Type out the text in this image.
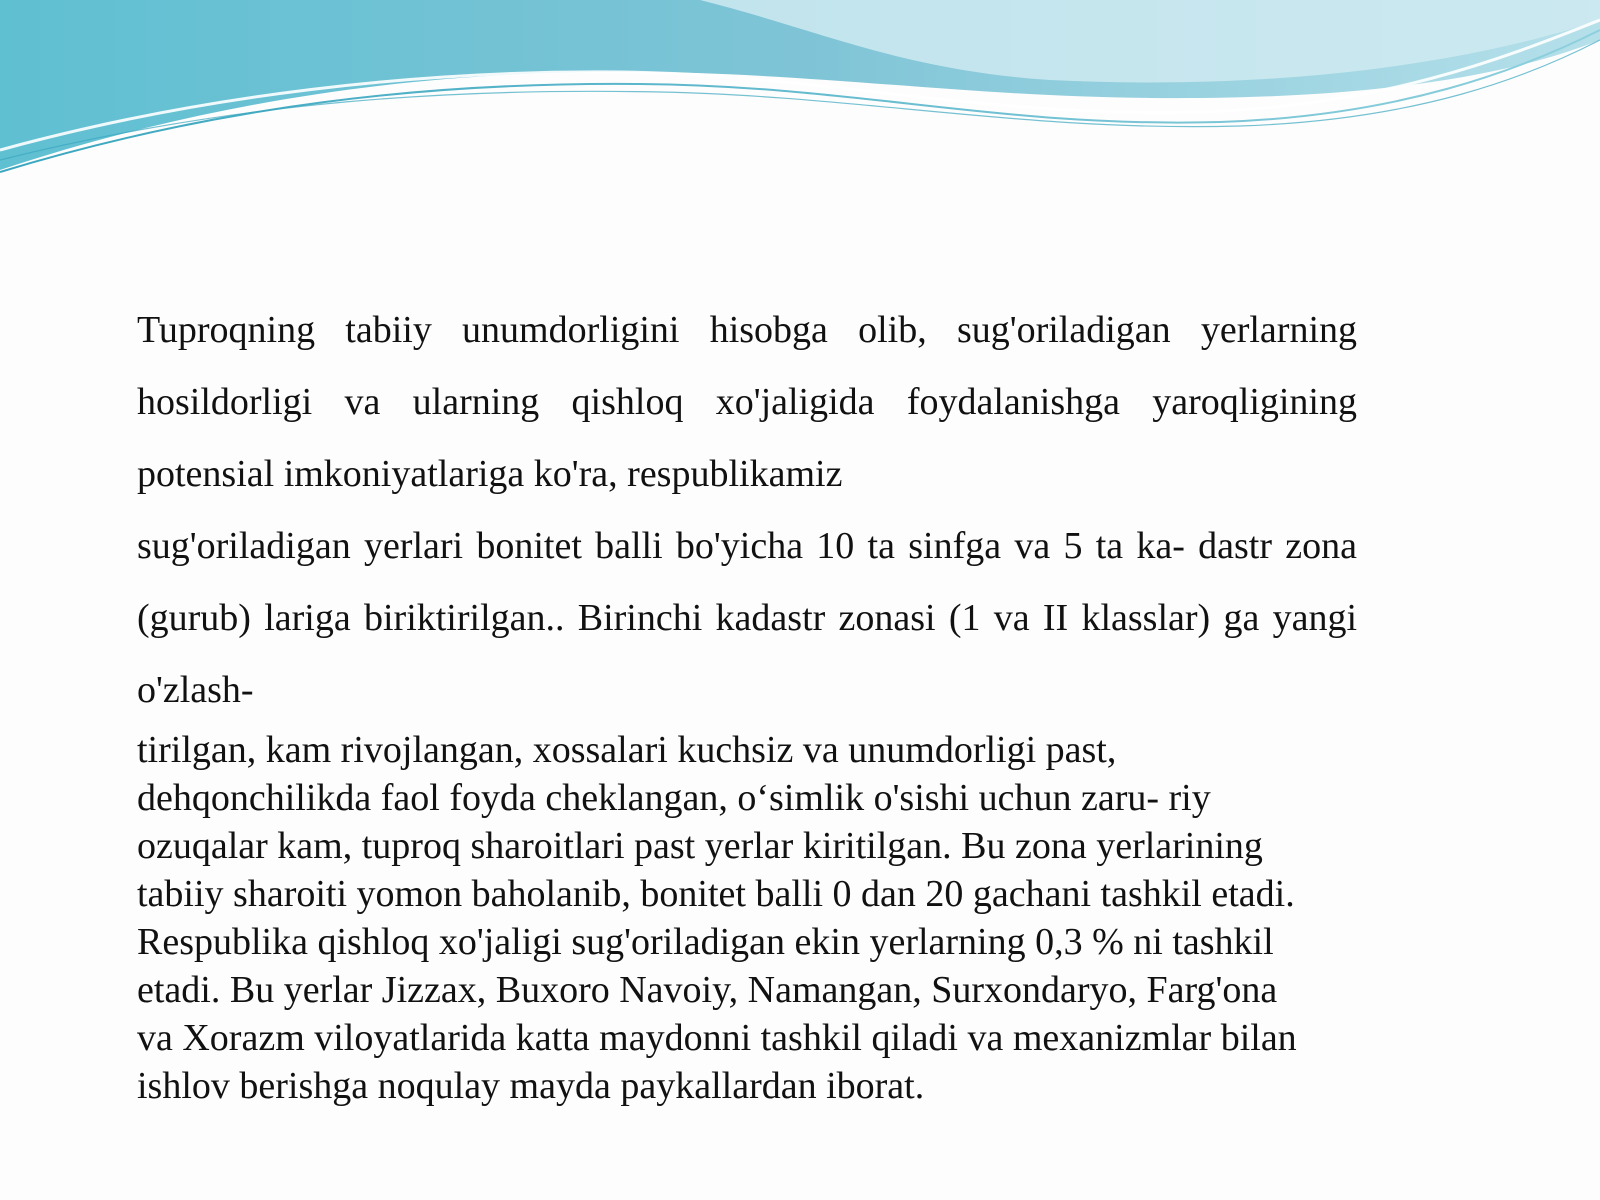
Tuproqning tabiiy unumdorligini hisobga olib, sug'oriladigan yerlarning hosildorligi va ularning qishloq xo'jaligida foydalanishga yaroqligining potensial imkoniyatlariga ko'ra, respublikamiz

sug'oriladigan yerlari bonitet balli bo'yicha 10 ta sinfga va 5 ta ka- dastr zona (gurub) lariga biriktirilgan.. Birinchi kadastr zonasi (1 va II klasslar) ga yangi o'zlash-

tirilgan, kam rivojlangan, xossalari kuchsiz va unumdorligi past,

dehqonchilikda faol foyda cheklangan, o‘simlik o'sishi uchun zaru- riy

ozuqalar kam, tuproq sharoitlari past yerlar kiritilgan. Bu zona yerlarining

tabiiy sharoiti yomon baholanib, bonitet balli 0 dan 20 gachani tashkil etadi.

Respublika qishloq xo'jaligi sug'oriladigan ekin yerlarning 0,3 % ni tashkil

etadi. Bu yerlar Jizzax, Buxoro Navoiy, Namangan, Surxondaryo, Farg'ona

va Xorazm viloyatlarida katta maydonni tashkil qiladi va mexanizmlar bilan

ishlov berishga noqulay mayda paykallardan iborat.
